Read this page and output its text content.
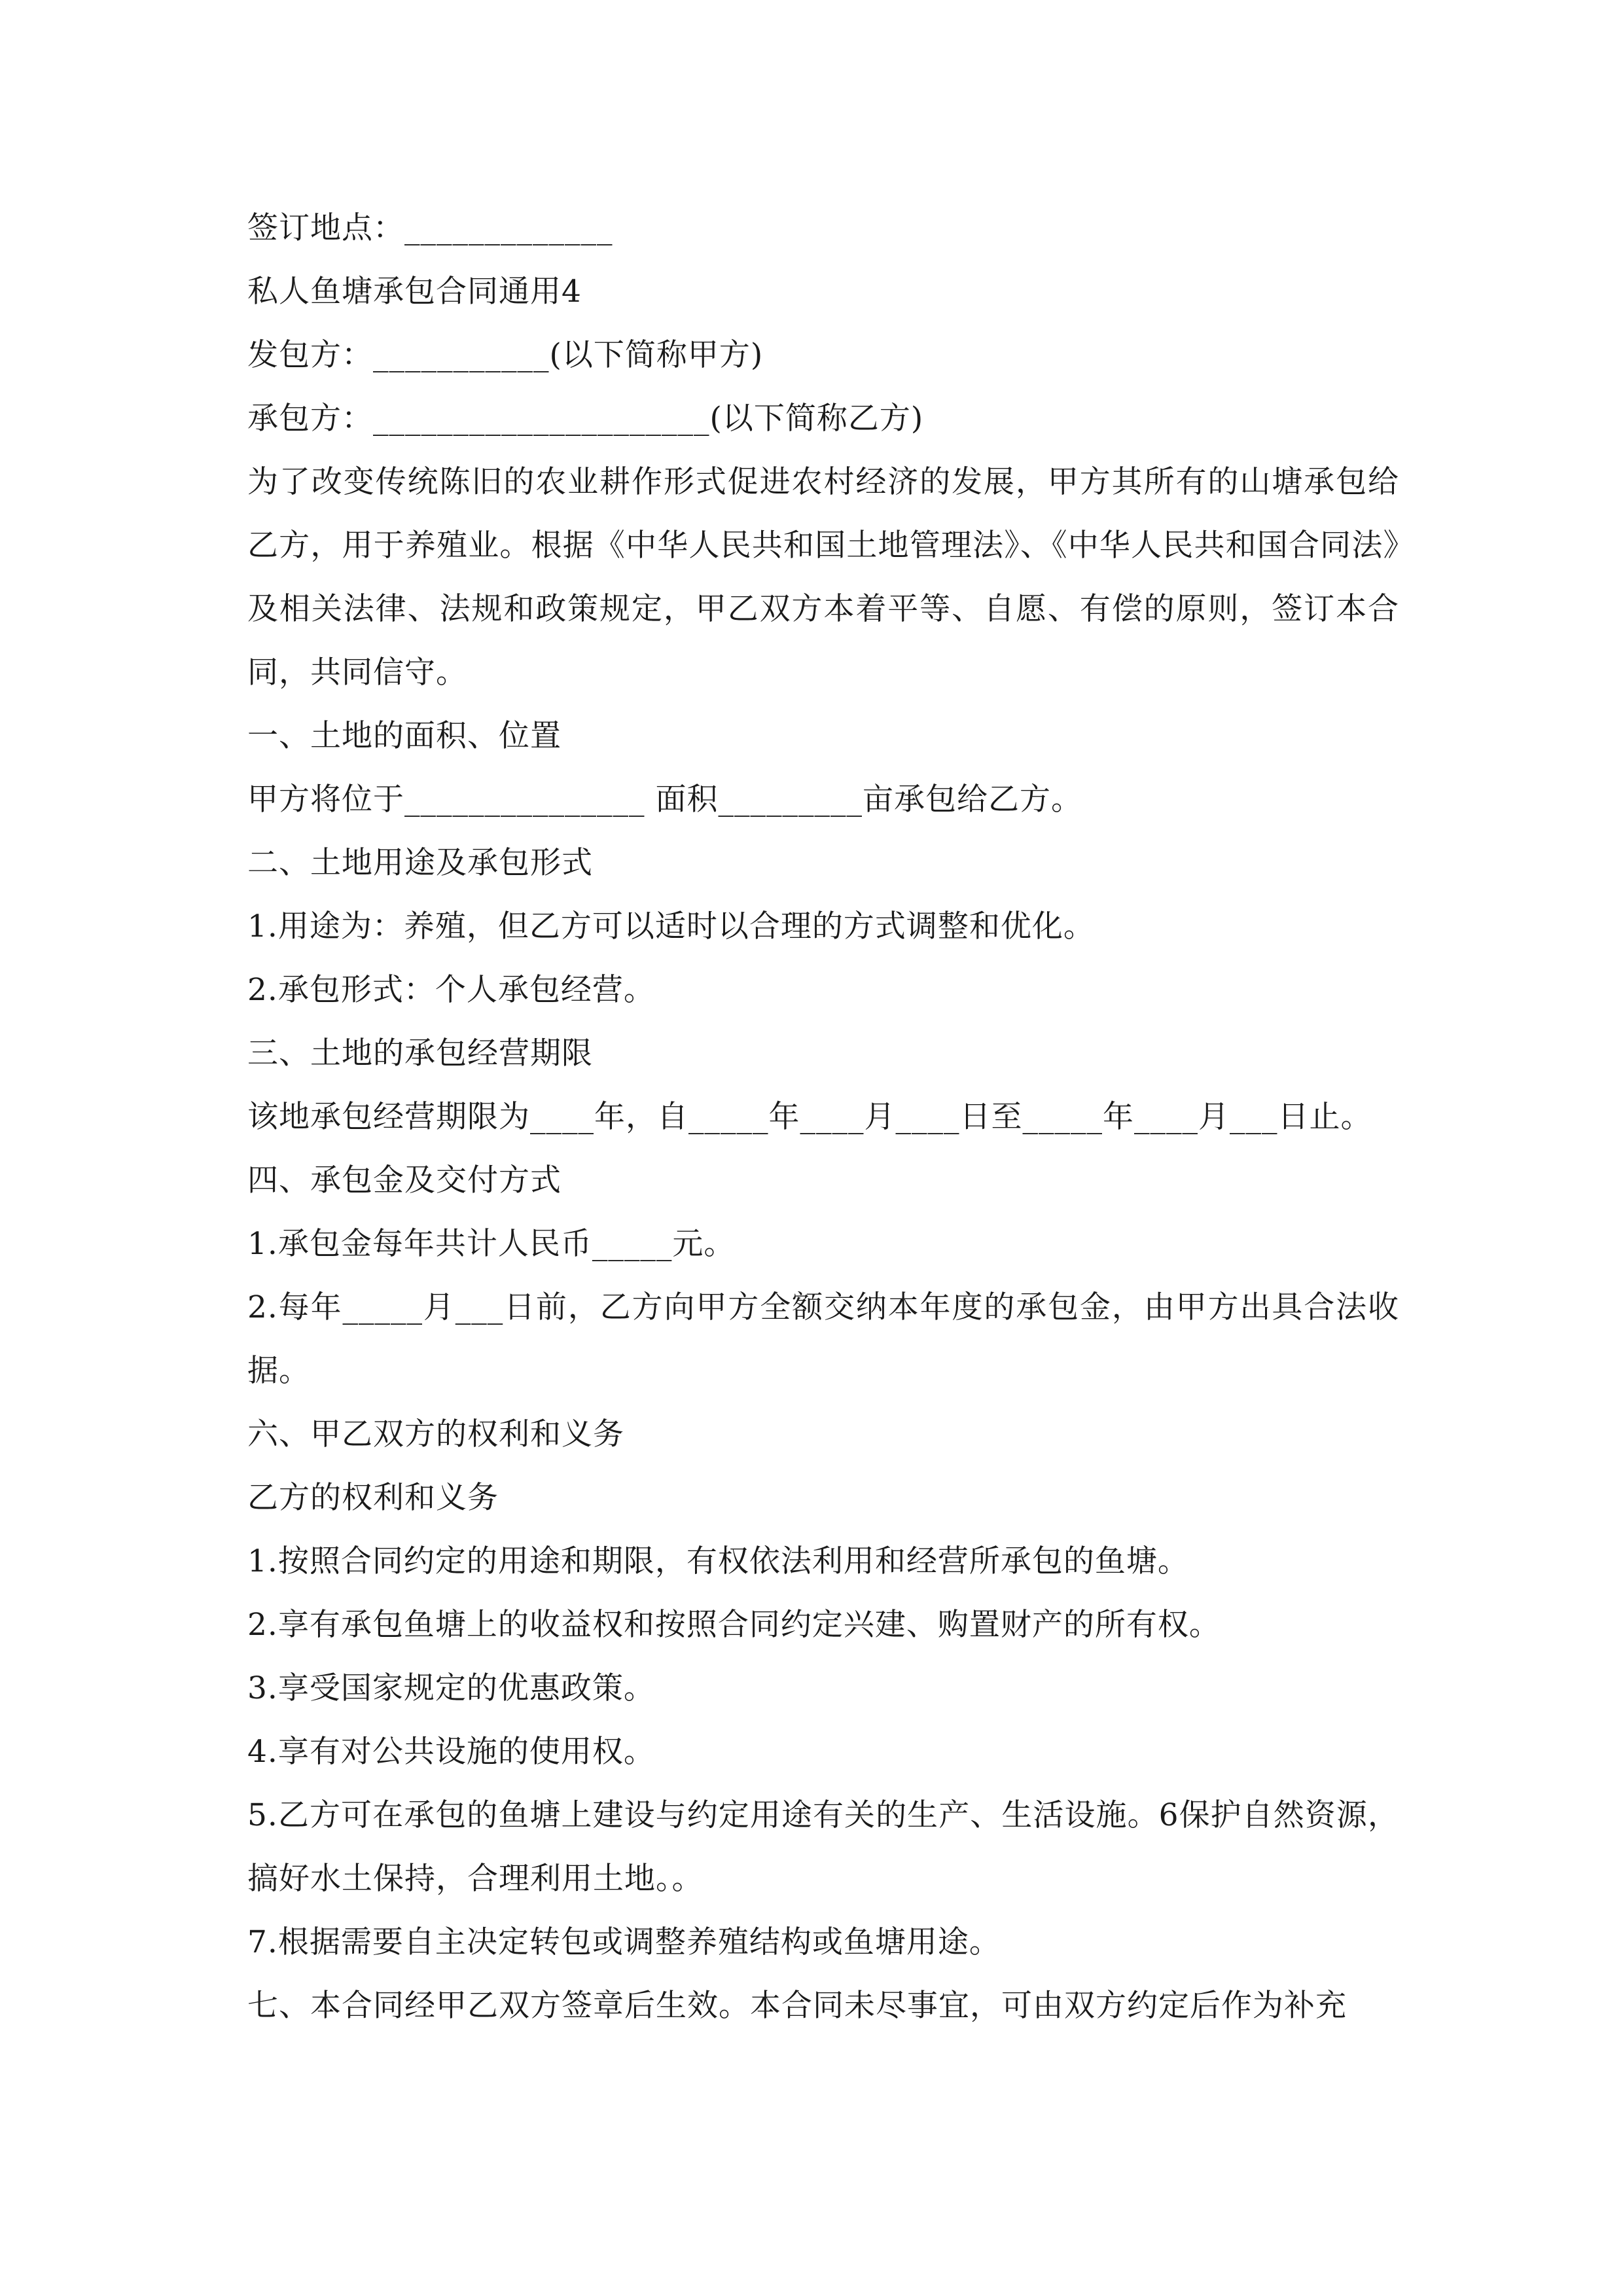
签订地点：_____________
私人鱼塘承包合同通用4
发包方：___________(以下简称甲方)
承包方：_____________________(以下简称乙方)
为了改变传统陈旧的农业耕作形式促进农村经济的发展，甲方其所有的山塘承包给乙方，用于养殖业。根据《中华人民共和国土地管理法》、《中华人民共和国合同法》及相关法律、法规和政策规定，甲乙双方本着平等、自愿、有偿的原则，签订本合同，共同信守。
一、土地的面积、位置
甲方将位于_______________ 面积_________亩承包给乙方。
二、土地用途及承包形式
1.用途为：养殖，但乙方可以适时以合理的方式调整和优化。
2.承包形式：个人承包经营。
三、土地的承包经营期限
该地承包经营期限为____年，自_____年____月____日至_____年____月___日止。
四、承包金及交付方式
1.承包金每年共计人民币_____元。
2.每年_____月___日前，乙方向甲方全额交纳本年度的承包金，由甲方出具合法收据。
六、甲乙双方的权利和义务
乙方的权利和义务
1.按照合同约定的用途和期限，有权依法利用和经营所承包的鱼塘。
2.享有承包鱼塘上的收益权和按照合同约定兴建、购置财产的所有权。
3.享受国家规定的优惠政策。
4.享有对公共设施的使用权。
5.乙方可在承包的鱼塘上建设与约定用途有关的生产、生活设施。6保护自然资源，搞好水土保持，合理利用土地。。
7.根据需要自主决定转包或调整养殖结构或鱼塘用途。
七、本合同经甲乙双方签章后生效。本合同未尽事宜，可由双方约定后作为补充
